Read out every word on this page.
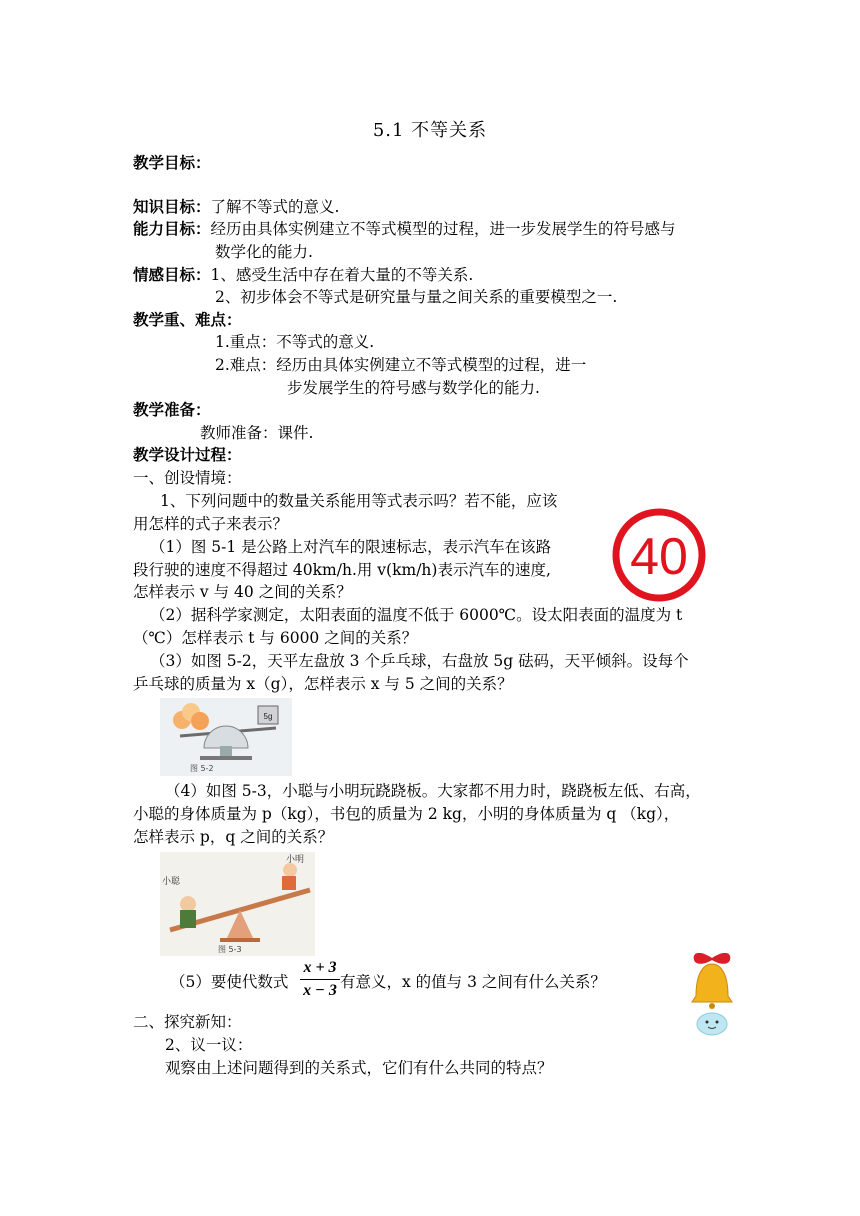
5.1 不等关系
教学目标：
知识目标：了解不等式的意义.
能力目标：经历由具体实例建立不等式模型的过程，进一步发展学生的符号感与
数学化的能力.
情感目标：1、感受生活中存在着大量的不等关系.
2、初步体会不等式是研究量与量之间关系的重要模型之一.
教学重、难点：
1.重点：不等式的意义.
2.难点：经历由具体实例建立不等式模型的过程，进一
步发展学生的符号感与数学化的能力.
教学准备：
教师准备：课件.
教学设计过程：
一、创设情境：
1、下列问题中的数量关系能用等式表示吗？若不能，应该
用怎样的式子来表示？
（1）图 5-1 是公路上对汽车的限速标志，表示汽车在该路
段行驶的速度不得超过 40km/h.用 v(km/h)表示汽车的速度,
怎样表示 v 与 40 之间的关系？
40
（2）据科学家测定，太阳表面的温度不低于 6000℃。设太阳表面的温度为 t
（℃）怎样表示 t 与 6000 之间的关系？
（3）如图 5-2，天平左盘放 3 个乒乓球，右盘放 5g 砝码，天平倾斜。设每个
乒乓球的质量为 x（g），怎样表示 x 与 5 之间的关系？
5g
图 5-2
（4）如图 5-3，小聪与小明玩跷跷板。大家都不用力时，跷跷板左低、右高，
小聪的身体质量为 p（kg），书包的质量为 2 kg，小明的身体质量为 q （kg），
怎样表示 p，q 之间的关系？
小聪
小明
图 5-3
（5）要使代数式
x + 3
x − 3 有意义，x 的值与 3 之间有什么关系？
二、探究新知：
2、议一议：
观察由上述问题得到的关系式，它们有什么共同的特点？
